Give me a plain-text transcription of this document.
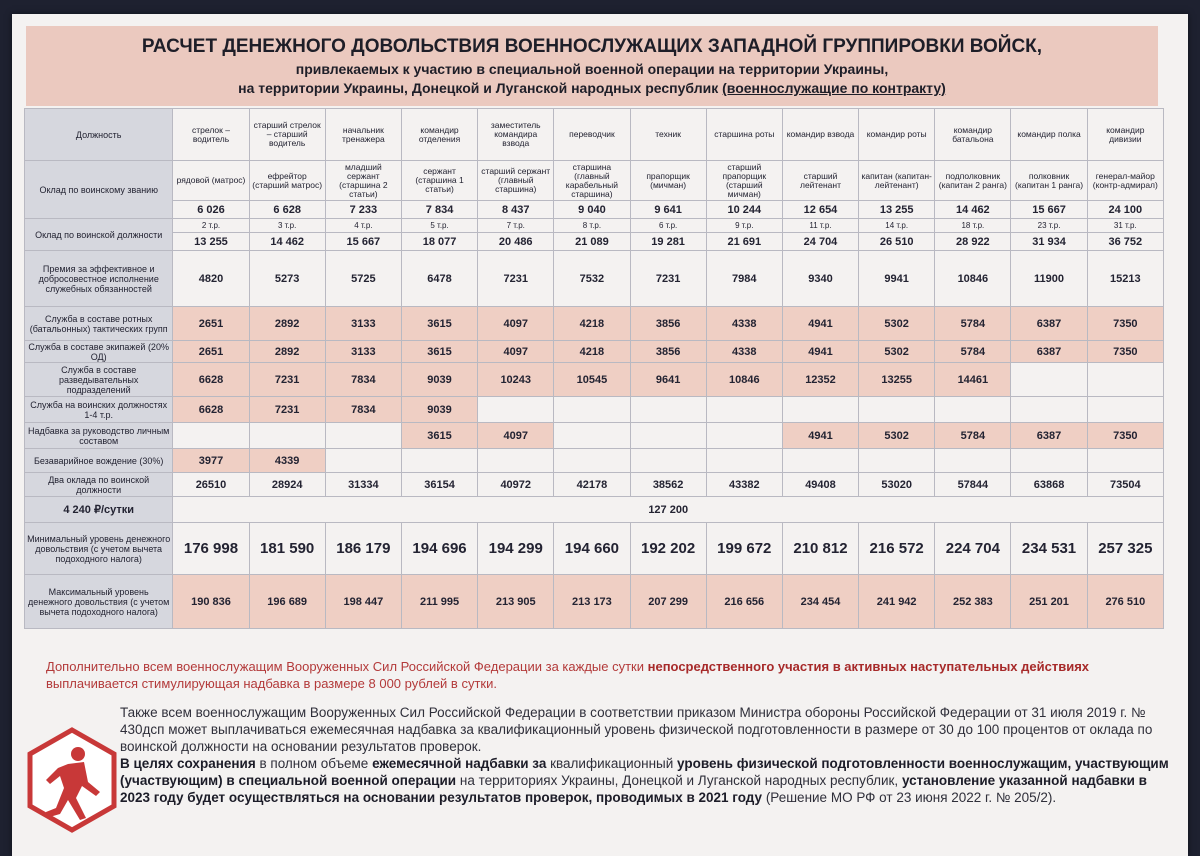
РАСЧЕТ ДЕНЕЖНОГО ДОВОЛЬСТВИЯ ВОЕННОСЛУЖАЩИХ ЗАПАДНОЙ ГРУППИРОВКИ ВОЙСК,
привлекаемых к участию в специальной военной операции на территории Украины,
на территории Украины, Донецкой и Луганской народных республик (военнослужащие по контракту)
Должность	стрелок – водитель	старший стрелок – старший водитель	начальник тренажера	командир отделения	заместитель командира взвода	переводчик	техник	старшина роты	командир взвода	командир роты	командир батальона	командир полка	командир дивизии
Оклад по воинскому званию	рядовой (матрос)	ефрейтор (старший матрос)	младший сержант (старшина 2 статьи)	сержант (старшина 1 статьи)	старший сержант (главный старшина)	старшина (главный карабельный старшина)	прапорщик (мичман)	старший прапорщик (старший мичман)	старший лейтенант	капитан (капитан-лейтенант)	подполковник (капитан 2 ранга)	полковник (капитан 1 ранга)	генерал-майор (контр-адмирал)
	6 026	6 628	7 233	7 834	8 437	9 040	9 641	10 244	12 654	13 255	14 462	15 667	24 100
Оклад по воинской должности	2 т.р.	3 т.р.	4 т.р.	5 т.р.	7 т.р.	8 т.р.	6 т.р.	9 т.р.	11 т.р.	14 т.р.	18 т.р.	23 т.р.	31 т.р.
	13 255	14 462	15 667	18 077	20 486	21 089	19 281	21 691	24 704	26 510	28 922	31 934	36 752
Премия за эффективное и добросовестное исполнение служебных обязанностей	4820	5273	5725	6478	7231	7532	7231	7984	9340	9941	10846	11900	15213
Служба в составе ротных (батальонных) тактических групп	2651	2892	3133	3615	4097	4218	3856	4338	4941	5302	5784	6387	7350
Служба в составе экипажей (20% ОД)	2651	2892	3133	3615	4097	4218	3856	4338	4941	5302	5784	6387	7350
Служба в составе разведывательных подразделений	6628	7231	7834	9039	10243	10545	9641	10846	12352	13255	14461		
Служба на воинских должностях 1-4 т.р.	6628	7231	7834	9039									
Надбавка за руководство личным составом				3615	4097				4941	5302	5784	6387	7350
Безаварийное вождение (30%)	3977	4339											
Два оклада по воинской должности	26510	28924	31334	36154	40972	42178	38562	43382	49408	53020	57844	63868	73504
4 240 ₽/сутки	127 200												
Минимальный уровень денежного довольствия (с учетом вычета подоходного налога)	176 998	181 590	186 179	194 696	194 299	194 660	192 202	199 672	210 812	216 572	224 704	234 531	257 325
Максимальный уровень денежного довольствия (с учетом вычета подоходного налога)	190 836	196 689	198 447	211 995	213 905	213 173	207 299	216 656	234 454	241 942	252 383	251 201	276 510
Дополнительно всем военнослужащим Вооруженных Сил Российской Федерации за каждые сутки непосредственного участия в активных наступательных действиях выплачивается стимулирующая надбавка в размере 8 000 рублей в сутки.
Также всем военнослужащим Вооруженных Сил Российской Федерации в соответствии приказом Министра обороны Российской Федерации от 31 июля 2019 г. № 430дсп может выплачиваться ежемесячная надбавка за квалификационный уровень физической подготовленности в размере от 30 до 100 процентов от оклада по воинской должности на основании результатов проверок.
В целях сохранения в полном объеме ежемесячной надбавки за квалификационный уровень физической подготовленности военнослужащим, участвующим (участвующим) в специальной военной операции на территориях Украины, Донецкой и Луганской народных республик, установление указанной надбавки в 2023 году будет осуществляться на основании результатов проверок, проводимых в 2021 году (Решение МО РФ от 23 июня 2022 г. № 205/2).
